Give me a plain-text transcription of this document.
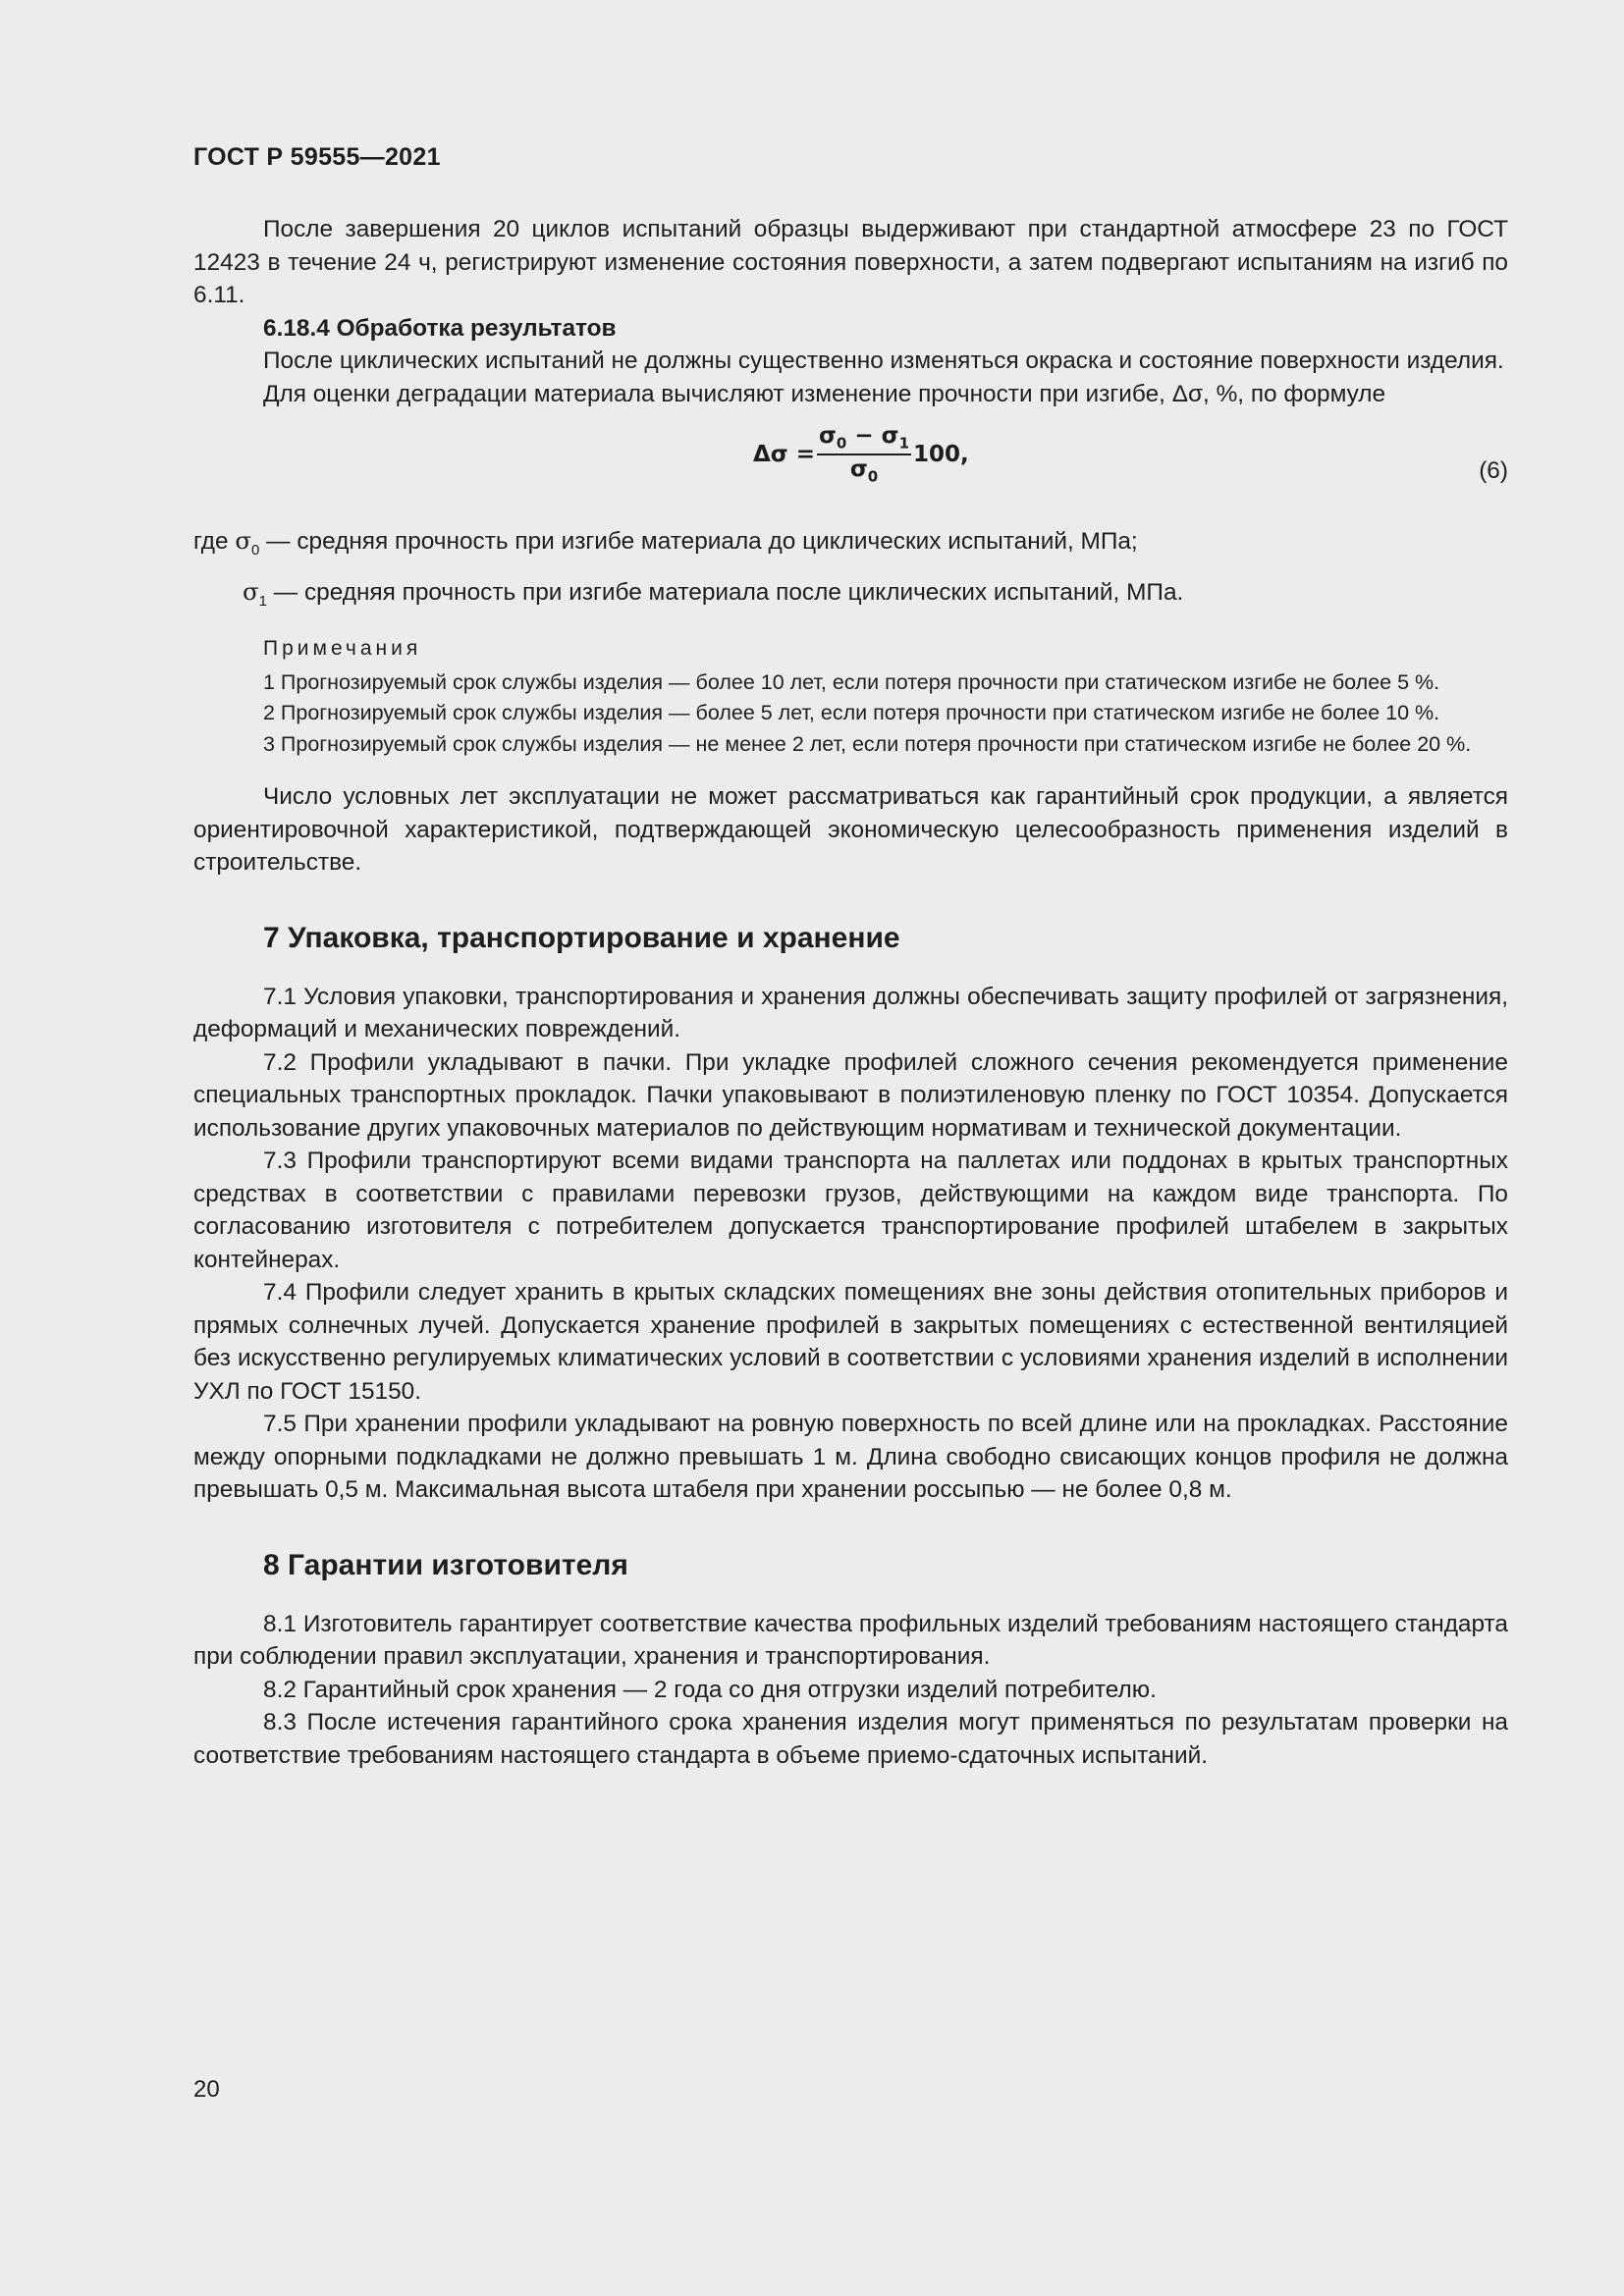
ГОСТ Р 59555—2021

После завершения 20 циклов испытаний образцы выдерживают при стандартной атмосфере 23 по ГОСТ 12423 в течение 24 ч, регистрируют изменение состояния поверхности, а затем подвергают испытаниям на изгиб по 6.11.

6.18.4 Обработка результатов

После циклических испытаний не должны существенно изменяться окраска и состояние поверхности изделия.

Для оценки деградации материала вычисляют изменение прочности при изгибе, Δσ, %, по формуле

$\Delta\sigma = \frac{\sigma_0 - \sigma_1}{\sigma_0} 100$,
(6)
где $\sigma_0$ — средняя прочность при изгибе материала до циклических испытаний, МПа;
$\sigma_1$ — средняя прочность при изгибе материала после циклических испытаний, МПа.
Примечания
1 Прогнозируемый срок службы изделия — более 10 лет, если потеря прочности при статическом изгибе не более 5 %.
2 Прогнозируемый срок службы изделия — более 5 лет, если потеря прочности при статическом изгибе не более 10 %.
3 Прогнозируемый срок службы изделия — не менее 2 лет, если потеря прочности при статическом изгибе не более 20 %.

Число условных лет эксплуатации не может рассматриваться как гарантийный срок продукции, а является ориентировочной характеристикой, подтверждающей экономическую целесообразность применения изделий в строительстве.

7 Упаковка, транспортирование и хранение

7.1 Условия упаковки, транспортирования и хранения должны обеспечивать защиту профилей от загрязнения, деформаций и механических повреждений.

7.2 Профили укладывают в пачки. При укладке профилей сложного сечения рекомендуется применение специальных транспортных прокладок. Пачки упаковывают в полиэтиленовую пленку по ГОСТ 10354. Допускается использование других упаковочных материалов по действующим нормативам и технической документации.

7.3 Профили транспортируют всеми видами транспорта на паллетах или поддонах в крытых транспортных средствах в соответствии с правилами перевозки грузов, действующими на каждом виде транспорта. По согласованию изготовителя с потребителем допускается транспортирование профилей штабелем в закрытых контейнерах.

7.4 Профили следует хранить в крытых складских помещениях вне зоны действия отопительных приборов и прямых солнечных лучей. Допускается хранение профилей в закрытых помещениях с естественной вентиляцией без искусственно регулируемых климатических условий в соответствии с условиями хранения изделий в исполнении УХЛ по ГОСТ 15150.

7.5 При хранении профили укладывают на ровную поверхность по всей длине или на прокладках. Расстояние между опорными подкладками не должно превышать 1 м. Длина свободно свисающих концов профиля не должна превышать 0,5 м. Максимальная высота штабеля при хранении россыпью — не более 0,8 м.

8 Гарантии изготовителя

8.1 Изготовитель гарантирует соответствие качества профильных изделий требованиям настоящего стандарта при соблюдении правил эксплуатации, хранения и транспортирования.

8.2 Гарантийный срок хранения — 2 года со дня отгрузки изделий потребителю.

8.3 После истечения гарантийного срока хранения изделия могут применяться по результатам проверки на соответствие требованиям настоящего стандарта в объеме приемо-сдаточных испытаний.

20
